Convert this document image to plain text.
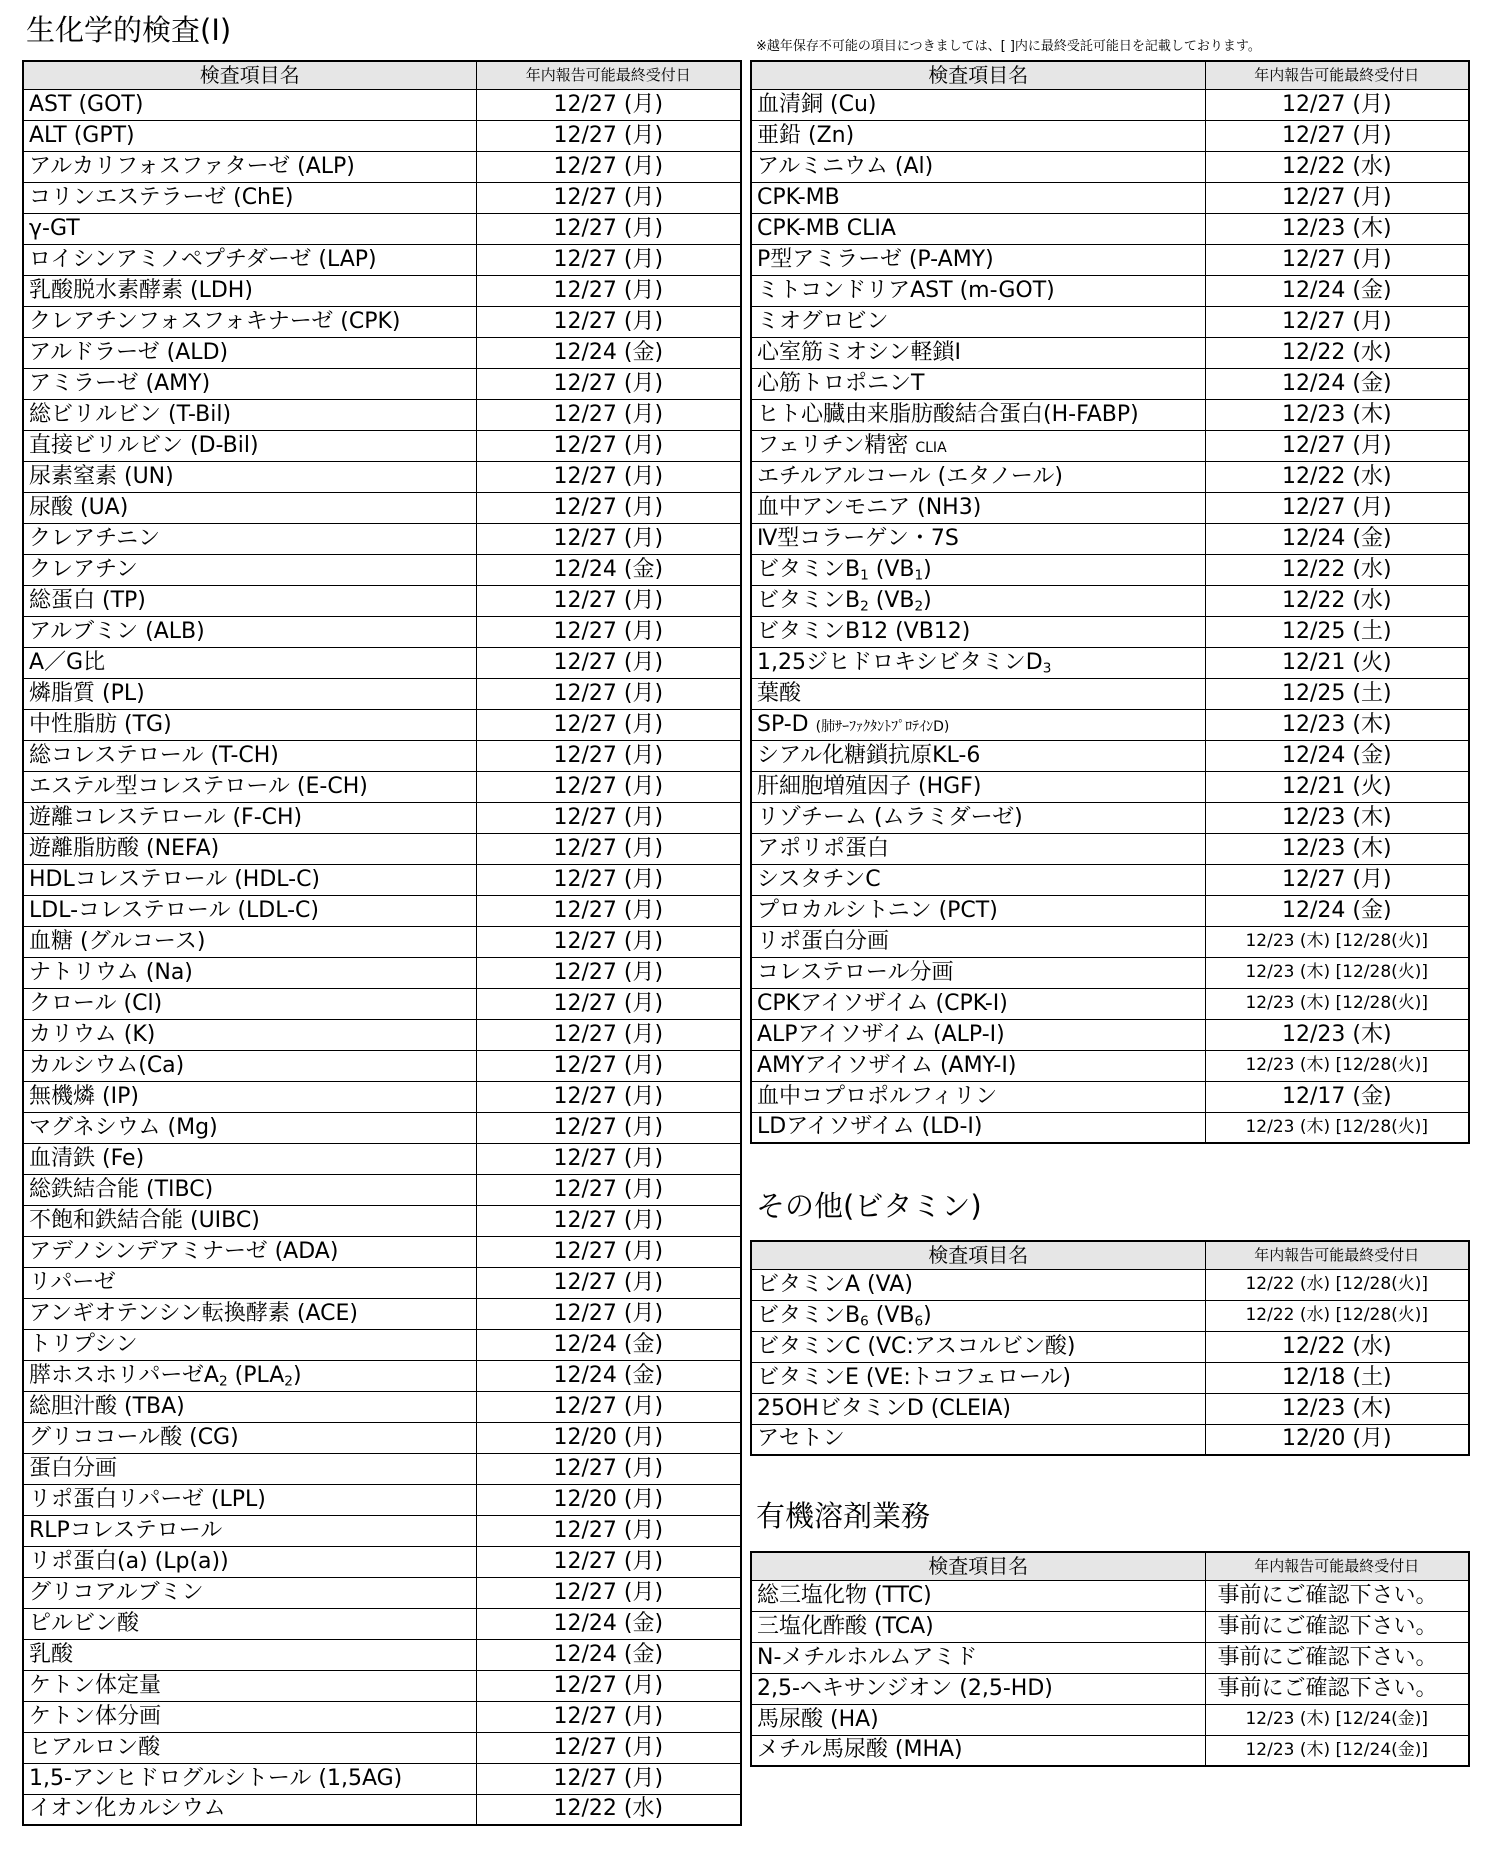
生化学的検査(Ⅰ)	※越年保存不可能の項目につきましては、[ ]内に最終受託可能日を記載しております。
検査項目名	年内報告可能最終受付日
AST (GOT)	12/27 (月)
ALT (GPT)	12/27 (月)
アルカリフォスファターゼ (ALP)	12/27 (月)
コリンエステラーゼ (ChE)	12/27 (月)
γ-GT	12/27 (月)
ロイシンアミノペプチダーゼ (LAP)	12/27 (月)
乳酸脱水素酵素 (LDH)	12/27 (月)
クレアチンフォスフォキナーゼ (CPK)	12/27 (月)
アルドラーゼ (ALD)	12/24 (金)
アミラーゼ (AMY)	12/27 (月)
総ビリルビン (T-Bil)	12/27 (月)
直接ビリルビン (D-Bil)	12/27 (月)
尿素窒素 (UN)	12/27 (月)
尿酸 (UA)	12/27 (月)
クレアチニン	12/27 (月)
クレアチン	12/24 (金)
総蛋白 (TP)	12/27 (月)
アルブミン (ALB)	12/27 (月)
A／G比	12/27 (月)
燐脂質 (PL)	12/27 (月)
中性脂肪 (TG)	12/27 (月)
総コレステロール (T-CH)	12/27 (月)
エステル型コレステロール (E-CH)	12/27 (月)
遊離コレステロール (F-CH)	12/27 (月)
遊離脂肪酸 (NEFA)	12/27 (月)
HDLコレステロール (HDL-C)	12/27 (月)
LDL-コレステロール (LDL-C)	12/27 (月)
血糖 (グルコース)	12/27 (月)
ナトリウム (Na)	12/27 (月)
クロール (Cl)	12/27 (月)
カリウム (K)	12/27 (月)
カルシウム(Ca)	12/27 (月)
無機燐 (IP)	12/27 (月)
マグネシウム (Mg)	12/27 (月)
血清鉄 (Fe)	12/27 (月)
総鉄結合能 (TIBC)	12/27 (月)
不飽和鉄結合能 (UIBC)	12/27 (月)
アデノシンデアミナーゼ (ADA)	12/27 (月)
リパーゼ	12/27 (月)
アンギオテンシン転換酵素 (ACE)	12/27 (月)
トリプシン	12/24 (金)
膵ホスホリパーゼ$A_2$ $(PLA_2)$	12/24 (金)
総胆汁酸 (TBA)	12/27 (月)
グリココール酸 (CG)	12/20 (月)
蛋白分画	12/27 (月)
リポ蛋白リパーゼ (LPL)	12/20 (月)
RLPコレステロール	12/27 (月)
リポ蛋白(a) (Lp(a))	12/27 (月)
グリコアルブミン	12/27 (月)
ピルビン酸	12/24 (金)
乳酸	12/24 (金)
ケトン体定量	12/27 (月)
ケトン体分画	12/27 (月)
ヒアルロン酸	12/27 (月)
1,5-アンヒドログルシトール (1,5AG)	12/27 (月)
イオン化カルシウム	12/22 (水)
検査項目名	年内報告可能最終受付日
血清銅 (Cu)	12/27 (月)
亜鉛 (Zn)	12/27 (月)
アルミニウム (Al)	12/22 (水)
CPK-MB	12/27 (月)
CPK-MB CLIA	12/23 (木)
P型アミラーゼ (P-AMY)	12/27 (月)
ミトコンドリアAST (m-GOT)	12/24 (金)
ミオグロビン	12/27 (月)
心室筋ミオシン軽鎖Ⅰ	12/22 (水)
心筋トロポニンT	12/24 (金)
ヒト心臓由来脂肪酸結合蛋白(H-FABP)	12/23 (木)
フェリチン精密 CLIA	12/27 (月)
エチルアルコール (エタノール)	12/22 (水)
血中アンモニア (NH3)	12/27 (月)
Ⅳ型コラーゲン・7S	12/24 (金)
ビタミン$B_1$ $(VB_1)$	12/22 (水)
ビタミン$B_2$ $(VB_2)$	12/22 (水)
ビタミンB12 (VB12)	12/25 (土)
1,25ジヒドロキシビタミン$D_3$	12/21 (火)
葉酸	12/25 (土)
SP-D (肺ｻｰﾌｧｸﾀﾝﾄﾌﾟﾛﾃｲﾝD)	12/23 (木)
シアル化糖鎖抗原KL-6	12/24 (金)
肝細胞増殖因子 (HGF)	12/21 (火)
リゾチーム (ムラミダーゼ)	12/23 (木)
アポリポ蛋白	12/23 (木)
シスタチンC	12/27 (月)
プロカルシトニン (PCT)	12/24 (金)
リポ蛋白分画	12/23 (木) [12/28(火)]
コレステロール分画	12/23 (木) [12/28(火)]
CPKアイソザイム (CPK-Ⅰ)	12/23 (木) [12/28(火)]
ALPアイソザイム (ALP-Ⅰ)	12/23 (木)
AMYアイソザイム (AMY-Ⅰ)	12/23 (木) [12/28(火)]
血中コプロポルフィリン	12/17 (金)
LDアイソザイム (LD-Ⅰ)	12/23 (木) [12/28(火)]
その他(ビタミン)
検査項目名	年内報告可能最終受付日
ビタミンA (VA)	12/22 (水) [12/28(火)]
ビタミン$B_6$ $(VB_6)$	12/22 (水) [12/28(火)]
ビタミンC (VC:アスコルビン酸)	12/22 (水)
ビタミンE (VE:トコフェロール)	12/18 (土)
25OHビタミンD (CLEIA)	12/23 (木)
アセトン	12/20 (月)
有機溶剤業務
検査項目名	年内報告可能最終受付日
総三塩化物 (TTC)	事前にご確認下さい。
三塩化酢酸 (TCA)	事前にご確認下さい。
N-メチルホルムアミド	事前にご確認下さい。
2,5-ヘキサンジオン (2,5-HD)	事前にご確認下さい。
馬尿酸 (HA)	12/23 (木) [12/24(金)]
メチル馬尿酸 (MHA)	12/23 (木) [12/24(金)]
